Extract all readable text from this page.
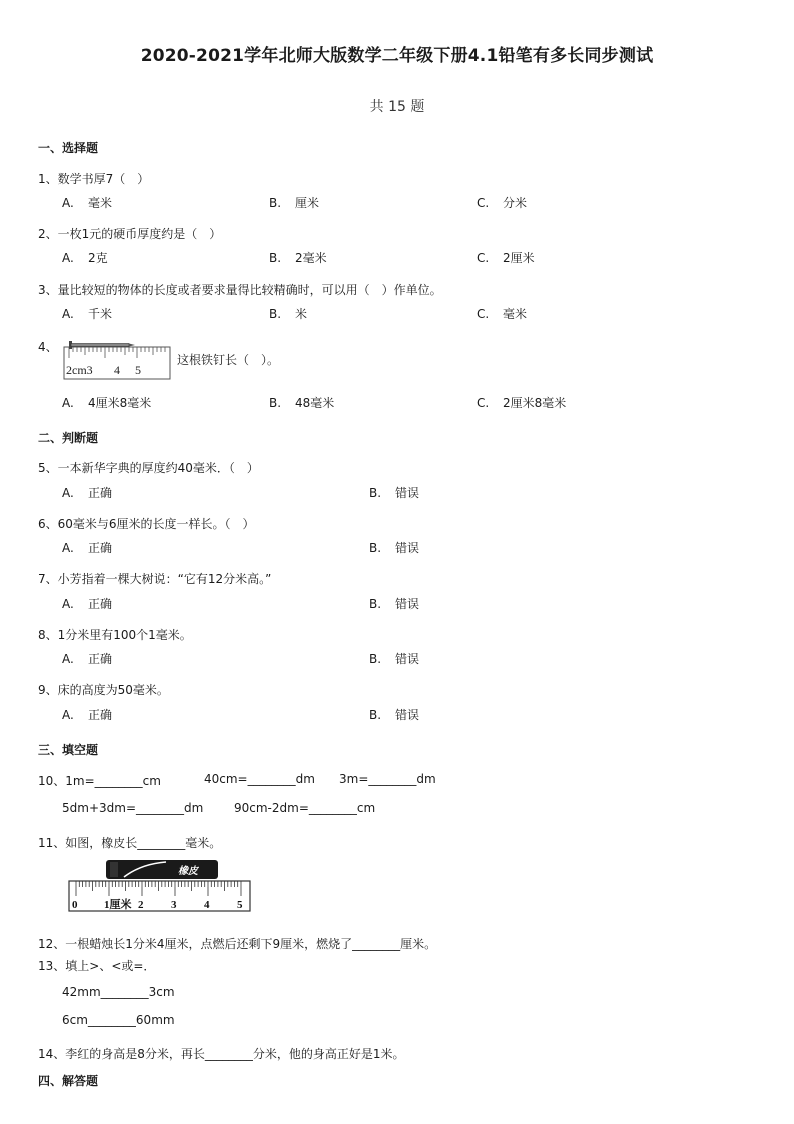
2020-2021学年北师大版数学二年级下册4.1铅笔有多长同步测试
共 15 题
一、选择题
1、数学书厚7（　）
A. 毫米	B. 厘米	C. 分米
2、一枚1元的硬币厚度约是（　）
A. 2克	B. 2毫米	C. 2厘米
3、量比较短的物体的长度或者要求量得比较精确时，可以用（　）作单位。
A. 千米	B. 米	C. 毫米
4、
2cm3 4 5
这根铁钉长（　）。
A. 4厘米8毫米	B. 48毫米	C. 2厘米8毫米
二、判断题
5、一本新华字典的厚度约40毫米．（　）
A. 正确	B. 错误
6、60毫米与6厘米的长度一样长。（　）
A. 正确	B. 错误
7、小芳指着一棵大树说：“它有12分米高。”
A. 正确	B. 错误
8、1分米里有100个1毫米。
A. 正确	B. 错误
9、床的高度为50毫米。
A. 正确	B. 错误
三、填空题
10、1m=________cm	40cm=________dm 3m=________dm
5dm+3dm=________dm	90cm-2dm=________cm
11、如图，橡皮长________毫米。
橡皮
0 1厘米 2	3	4	5
12、一根蜡烛长1分米4厘米，点燃后还剩下9厘米，燃烧了________厘米。
13、填上>、<或=．
42mm________3cm
6cm________60mm
14、李红的身高是8分米，再长________分米，他的身高正好是1米。
四、解答题
